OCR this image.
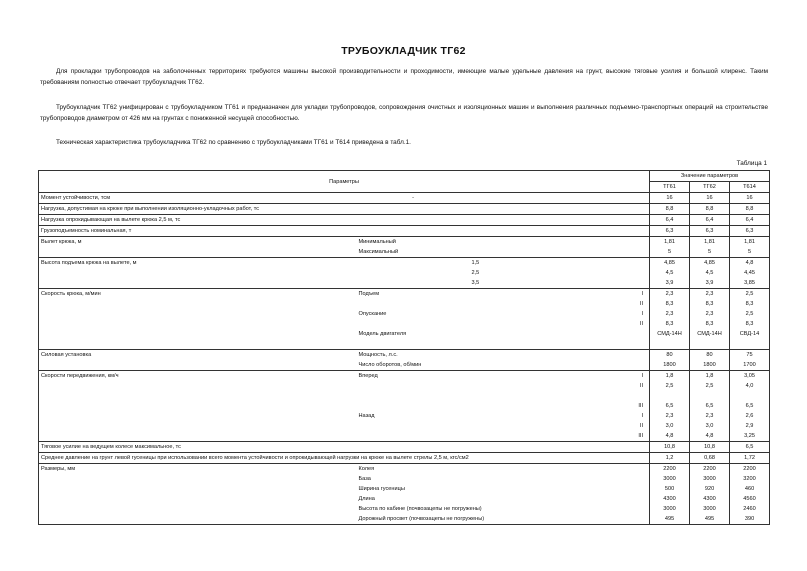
ТРУБОУКЛАДЧИК ТГ62

Для прокладки трубопроводов на заболоченных территориях требуются машины высокой производительности и проходимости, имеющие малые удельные давления на грунт, высокие тяговые усилия и большой клиренс. Таким требованиям полностью отвечает трубоукладчик ТГ62.

Трубоукладчик ТГ62 унифицирован с трубоукладчиком ТГ61 и предназначен для укладки трубопроводов, сопровождения очистных и изоляционных машин и выполнения различных подъемно-транспортных операций на строительстве трубопроводов диаметром от 426 мм на грунтах с пониженной несущей способностью.

Техническая характеристика трубоукладчика ТГ62 по сравнению с трубоукладчиками ТГ61 и Т614 приведена в табл.1.

Таблица 1
Параметры				Значение параметров		
				ТГ61	ТГ62	Т614
Момент устойчивости, тсм	-			16	16	16
Нагрузка, допустимая на крюке при выполнении изоляционно-укладочных работ, тс				8,8	8,8	8,8
Нагрузка опрокидывающая на вылете крюка 2,5 м, тс				6,4	6,4	6,4
Грузоподъемность номинальная, т				6,3	6,3	6,3
Вылет крюка, м	Минимальный			1,81	1,81	1,81
	Максимальный			5	5	5
Высота подъема крюка на вылете, м		1,5		4,85	4,85	4,8
		2,5		4,5	4,5	4,45
		3,5		3,9	3,9	3,85
Скорость крюка, м/мин	Подъем		I	2,3	2,3	2,5
			II	8,3	8,3	8,3
	Опускание		I	2,3	2,3	2,5
			II	8,3	8,3	8,3
	Модель двигателя			СМД-14Н	СМД-14Н	СВД-14

Силовая установка	Мощность, л.с.			80	80	75
	Число оборотов, об/мин			1800	1800	1700
Скорости передвижения, км/ч	Вперед		I	1,8	1,8	3,05
			II	2,5	2,5	4,0

			III	6,5	6,5	6,5
	Назад		I	2,3	2,3	2,6
			II	3,0	3,0	2,9
			III	4,8	4,8	3,25
Тяговое усилие на ведущем колесе максимальное, тс				10,8	10,8	6,5
Среднее давление на грунт левой гусеницы при использовании всего момента устойчивости и опрокидывающей нагрузки на крюке на вылете стрелы 2,5 м, кгс/см2				1,2	0,68	1,72
Размеры, мм	Колея			2200	2200	2200
	База			3000	3000	3200
	Ширина гусеницы			500	920	460
	Длина			4300	4300	4560
	Высота по кабине (почвозацепы не погружены)			3000	3000	2460
	Дорожный просвет (почвозацепы не погружены)			495	495	390
